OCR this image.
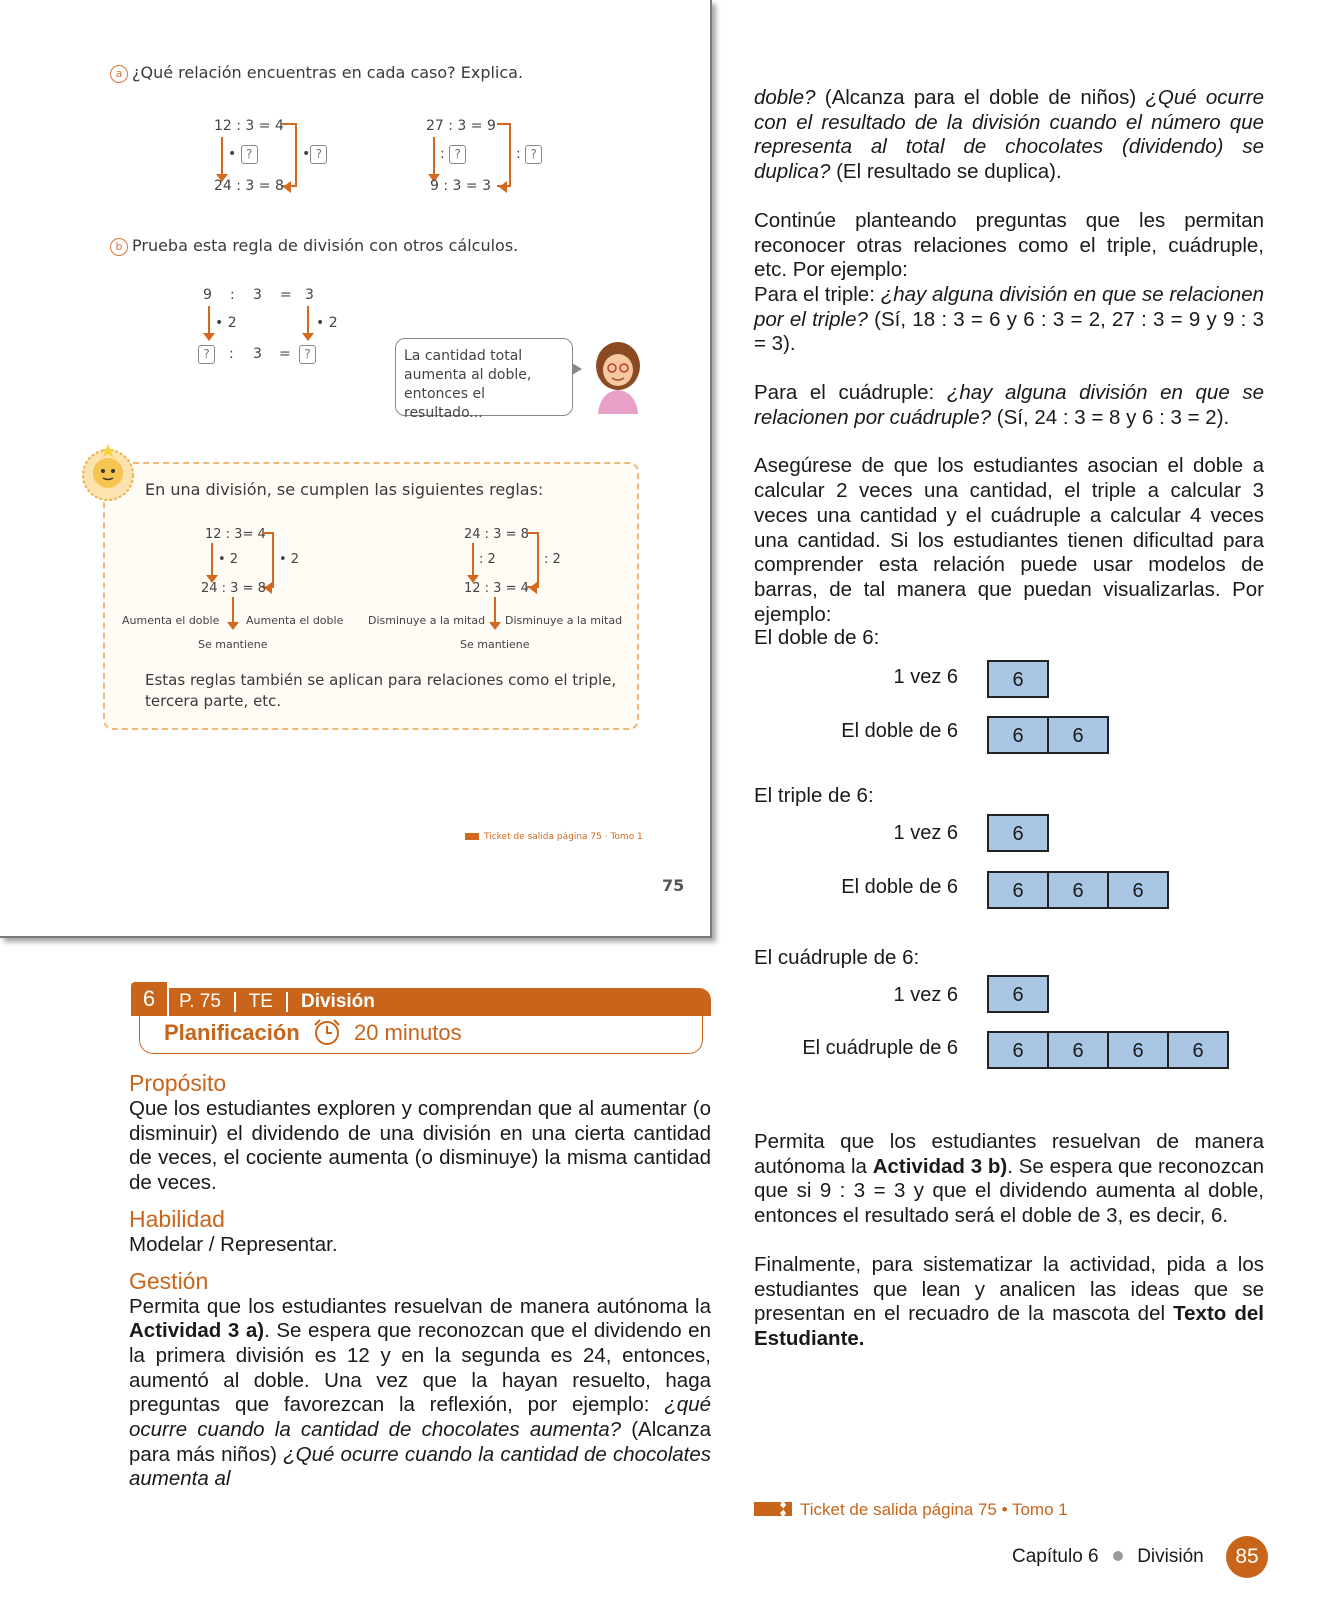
a ¿Qué relación encuentras en cada caso? Explica.
12 : 3 = 4
• ?	• ?
24 : 3 = 8
27 : 3 = 9
: ?	: ?
9 : 3 = 3
b Prueba esta regla de división con otros cálculos.
9 : 3 = 3
• 2	• 2
? : 3 = ?	La cantidad total aumenta al doble, entonces el resultado...
En una división, se cumplen las siguientes reglas:
12 : 3= 4
• 2	• 2
24 : 3 = 8
Aumenta el doble Aumenta el doble
Se mantiene
24 : 3 = 8
: 2	: 2
12 : 3 = 4
Disminuye a la mitad Disminuye a la mitad
Se mantiene
Estas reglas también se aplican para relaciones como el triple, tercera parte, etc.
Ticket de salida página 75 · Tomo 1
75
6	P. 75 TE División
Planificación 20 minutos
Propósito
Que los estudiantes exploren y comprendan que al aumentar (o disminuir) el dividendo de una división en una cierta cantidad de veces, el cociente aumenta (o disminuye) la misma cantidad de veces.
Habilidad
Modelar / Representar.
Gestión
Permita que los estudiantes resuelvan de manera autónoma la Actividad 3 a). Se espera que reconozcan que el dividendo en la primera división es 12 y en la segunda es 24, entonces, aumentó al doble. Una vez que la hayan resuelto, haga preguntas que favorezcan la reflexión, por ejemplo: ¿qué ocurre cuando la cantidad de chocolates aumenta? (Alcanza para más niños) ¿Qué ocurre cuando la cantidad de chocolates aumenta al
doble? (Alcanza para el doble de niños) ¿Qué ocurre con el resultado de la división cuando el número que representa al total de chocolates (dividendo) se duplica? (El resultado se duplica).
Continúe planteando preguntas que les permitan reconocer otras relaciones como el triple, cuádruple, etc. Por ejemplo:
Para el triple: ¿hay alguna división en que se relacionen por el triple? (Sí, 18 : 3 = 6 y 6 : 3 = 2, 27 : 3 = 9 y 9 : 3 = 3).
Para el cuádruple: ¿hay alguna división en que se relacionen por cuádruple? (Sí, 24 : 3 = 8 y 6 : 3 = 2).
Asegúrese de que los estudiantes asocian el doble a calcular 2 veces una cantidad, el triple a calcular 3 veces una cantidad y el cuádruple a calcular 4 veces una cantidad. Si los estudiantes tienen dificultad para comprender esta relación puede usar modelos de barras, de tal manera que puedan visualizarlas. Por ejemplo:
El doble de 6:
1 vez 6	6
El doble de 6	6	6
El triple de 6:
1 vez 6	6
El doble de 6	6	6	6
El cuádruple de 6:
1 vez 6	6
El cuádruple de 6	6	6	6	6
Permita que los estudiantes resuelvan de manera autónoma la Actividad 3 b). Se espera que reconozcan que si 9 : 3 = 3 y que el dividendo aumenta al doble, entonces el resultado será el doble de 3, es decir, 6.
Finalmente, para sistematizar la actividad, pida a los estudiantes que lean y analicen las ideas que se presentan en el recuadro de la mascota del Texto del Estudiante.
Ticket de salida página 75 • Tomo 1
Capítulo 6 División	85
